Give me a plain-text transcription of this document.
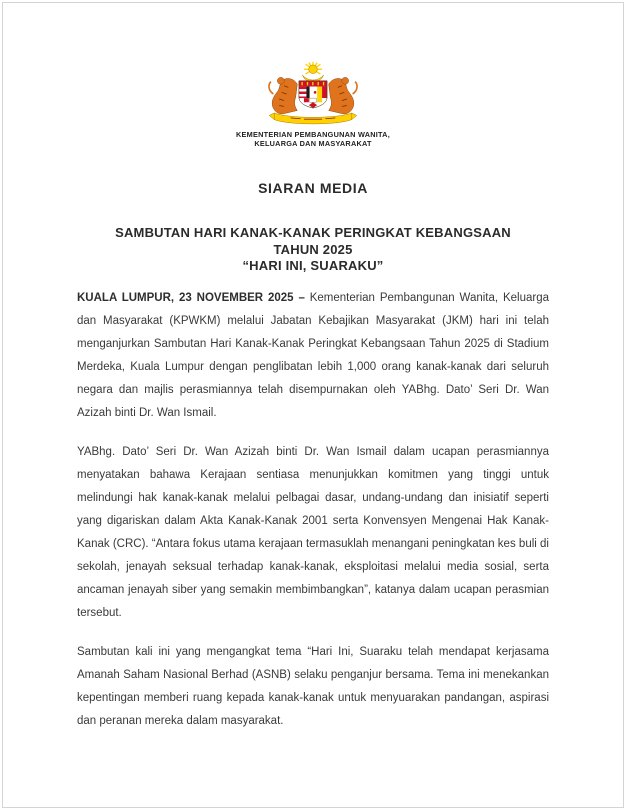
KEMENTERIAN PEMBANGUNAN WANITA,
KELUARGA DAN MASYARAKAT
SIARAN MEDIA
SAMBUTAN HARI KANAK-KANAK PERINGKAT KEBANGSAAN
TAHUN 2025
“HARI INI, SUARAKU”

KUALA LUMPUR, 23 NOVEMBER 2025 – Kementerian Pembangunan Wanita, Keluarga dan Masyarakat (KPWKM) melalui Jabatan Kebajikan Masyarakat (JKM) hari ini telah menganjurkan Sambutan Hari Kanak-Kanak Peringkat Kebangsaan Tahun 2025 di Stadium Merdeka, Kuala Lumpur dengan penglibatan lebih 1,000 orang kanak-kanak dari seluruh negara dan majlis perasmiannya telah disempurnakan oleh YABhg. Dato’ Seri Dr. Wan Azizah binti Dr. Wan Ismail.

YABhg. Dato’ Seri Dr. Wan Azizah binti Dr. Wan Ismail dalam ucapan perasmiannya menyatakan bahawa Kerajaan sentiasa menunjukkan komitmen yang tinggi untuk melindungi hak kanak-kanak melalui pelbagai dasar, undang-undang dan inisiatif seperti yang digariskan dalam Akta Kanak-Kanak 2001 serta Konvensyen Mengenai Hak Kanak-Kanak (CRC). “Antara fokus utama kerajaan termasuklah menangani peningkatan kes buli di sekolah, jenayah seksual terhadap kanak-kanak, eksploitasi melalui media sosial, serta ancaman jenayah siber yang semakin membimbangkan”, katanya dalam ucapan perasmian tersebut.

Sambutan kali ini yang mengangkat tema “Hari Ini, Suaraku telah mendapat kerjasama Amanah Saham Nasional Berhad (ASNB) selaku penganjur bersama. Tema ini menekankan kepentingan memberi ruang kepada kanak-kanak untuk menyuarakan pandangan, aspirasi dan peranan mereka dalam masyarakat.
